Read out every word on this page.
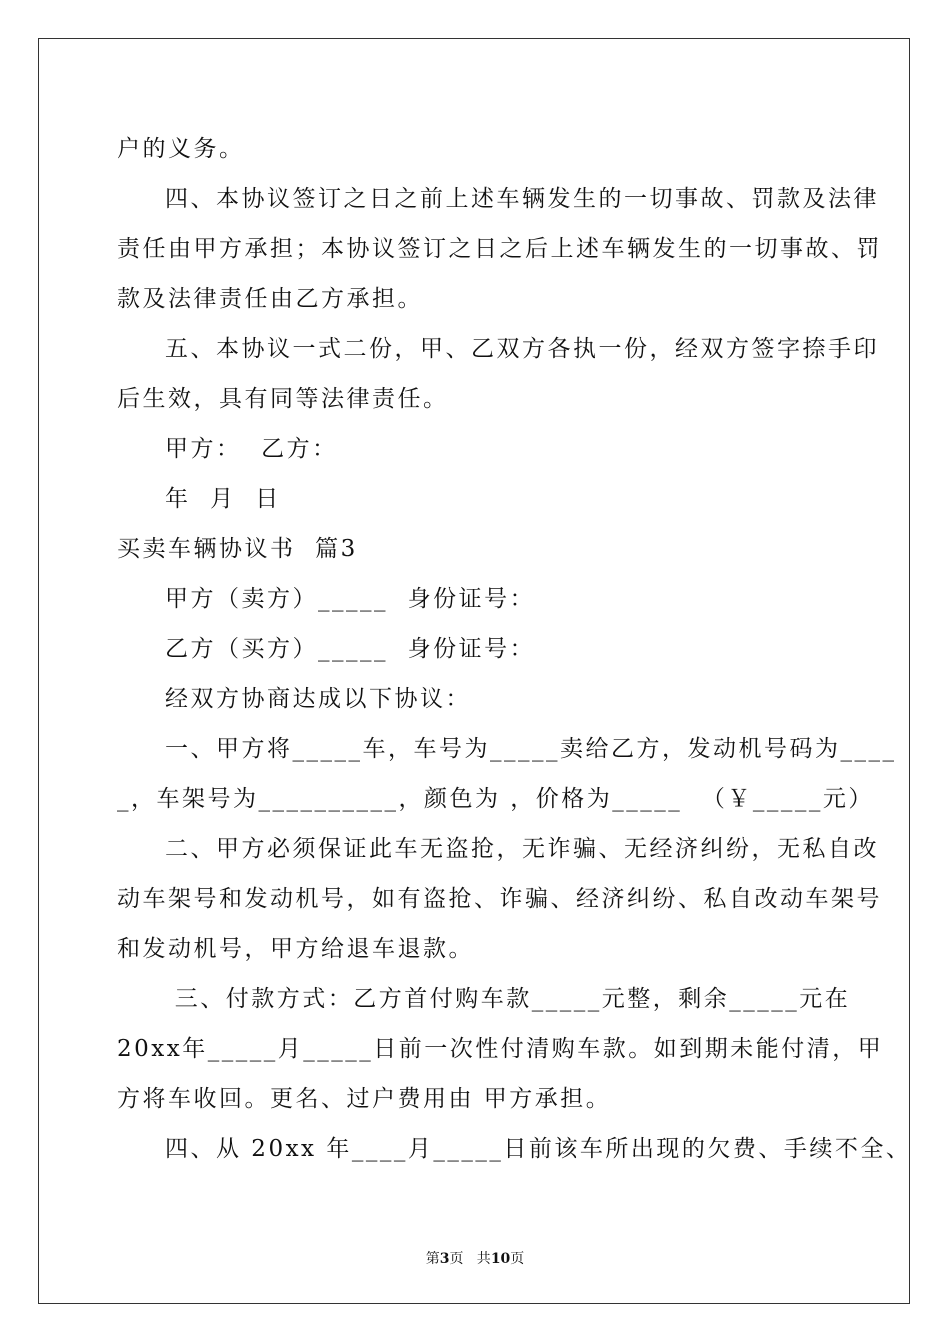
户的义务。
四、本协议签订之日之前上述车辆发生的一切事故、罚款及法律
责任由甲方承担；本协议签订之日之后上述车辆发生的一切事故、罚
款及法律责任由乙方承担。
五、本协议一式二份，甲、乙双方各执一份，经双方签字捺手印
后生效，具有同等法律责任。
甲方：  乙方：
年  月  日
买卖车辆协议书  篇3
甲方（卖方）_____  身份证号：
乙方（买方）_____  身份证号：
经双方协商达成以下协议：
一、甲方将_____车，车号为_____卖给乙方，发动机号码为____
_，车架号为__________，颜色为 ，价格为_____  （￥_____元）
二、甲方必须保证此车无盗抢，无诈骗、无经济纠纷，无私自改
动车架号和发动机号，如有盗抢、诈骗、经济纠纷、私自改动车架号
和发动机号，甲方给退车退款。
三、付款方式：乙方首付购车款_____元整，剩余_____元在
20xx年_____月_____日前一次性付清购车款。如到期未能付清，甲
方将车收回。更名、过户费用由 甲方承担。
四、从 20xx 年____月_____日前该车所出现的欠费、手续不全、
第3页   共10页
